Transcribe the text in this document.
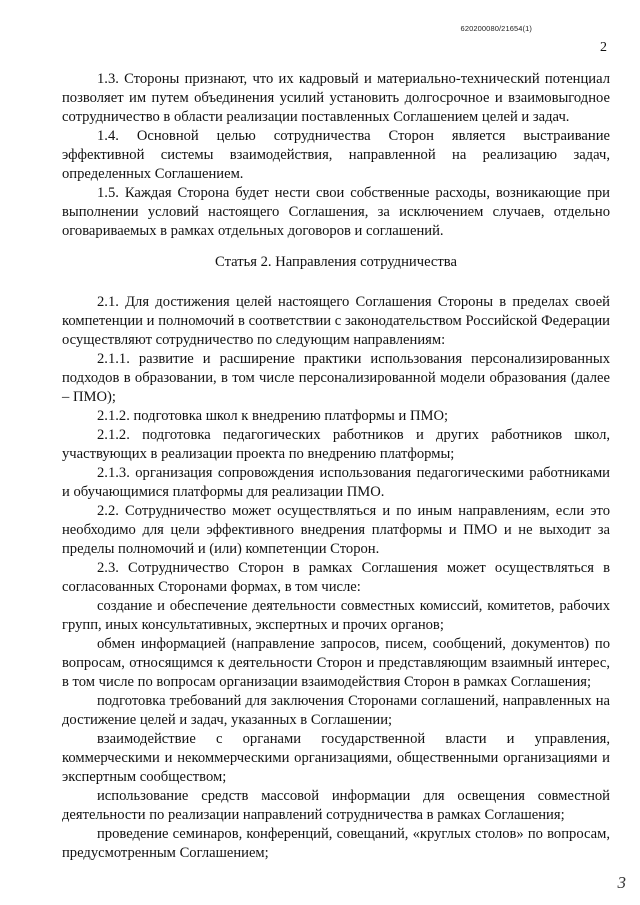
620200080/21654(1)
2

1.3. Стороны признают, что их кадровый и материально-технический потенциал позволяет им путем объединения усилий установить долгосрочное и взаимовыгодное сотрудничество в области реализации поставленных Соглашением целей и задач.

1.4. Основной целью сотрудничества Сторон является выстраивание эффективной системы взаимодействия, направленной на реализацию задач, определенных Соглашением.

1.5. Каждая Сторона будет нести свои собственные расходы, возникающие при выполнении условий настоящего Соглашения, за исключением случаев, отдельно оговариваемых в рамках отдельных договоров и соглашений.

Статья 2. Направления сотрудничества

2.1. Для достижения целей настоящего Соглашения Стороны в пределах своей компетенции и полномочий в соответствии с законодательством Российской Федерации осуществляют сотрудничество по следующим направлениям:

2.1.1. развитие и расширение практики использования персонализированных подходов в образовании, в том числе персонализированной модели образования (далее – ПМО);

2.1.2. подготовка школ к внедрению платформы и ПМО;

2.1.2. подготовка педагогических работников и других работников школ, участвующих в реализации проекта по внедрению платформы;

2.1.3. организация сопровождения использования педагогическими работниками и обучающимися платформы для реализации ПМО.

2.2. Сотрудничество может осуществляться и по иным направлениям, если это необходимо для цели эффективного внедрения платформы и ПМО и не выходит за пределы полномочий и (или) компетенции Сторон.

2.3. Сотрудничество Сторон в рамках Соглашения может осуществляться в согласованных Сторонами формах, в том числе:

создание и обеспечение деятельности совместных комиссий, комитетов, рабочих групп, иных консультативных, экспертных и прочих органов;

обмен информацией (направление запросов, писем, сообщений, документов) по вопросам, относящимся к деятельности Сторон и представляющим взаимный интерес, в том числе по вопросам организации взаимодействия Сторон в рамках Соглашения;

подготовка требований для заключения Сторонами соглашений, направленных на достижение целей и задач, указанных в Соглашении;

взаимодействие с органами государственной власти и управления, коммерческими и некоммерческими организациями, общественными организациями и экспертным сообществом;

использование средств массовой информации для освещения совместной деятельности по реализации направлений сотрудничества в рамках Соглашения;

проведение семинаров, конференций, совещаний, «круглых столов» по вопросам, предусмотренным Соглашением;

3
